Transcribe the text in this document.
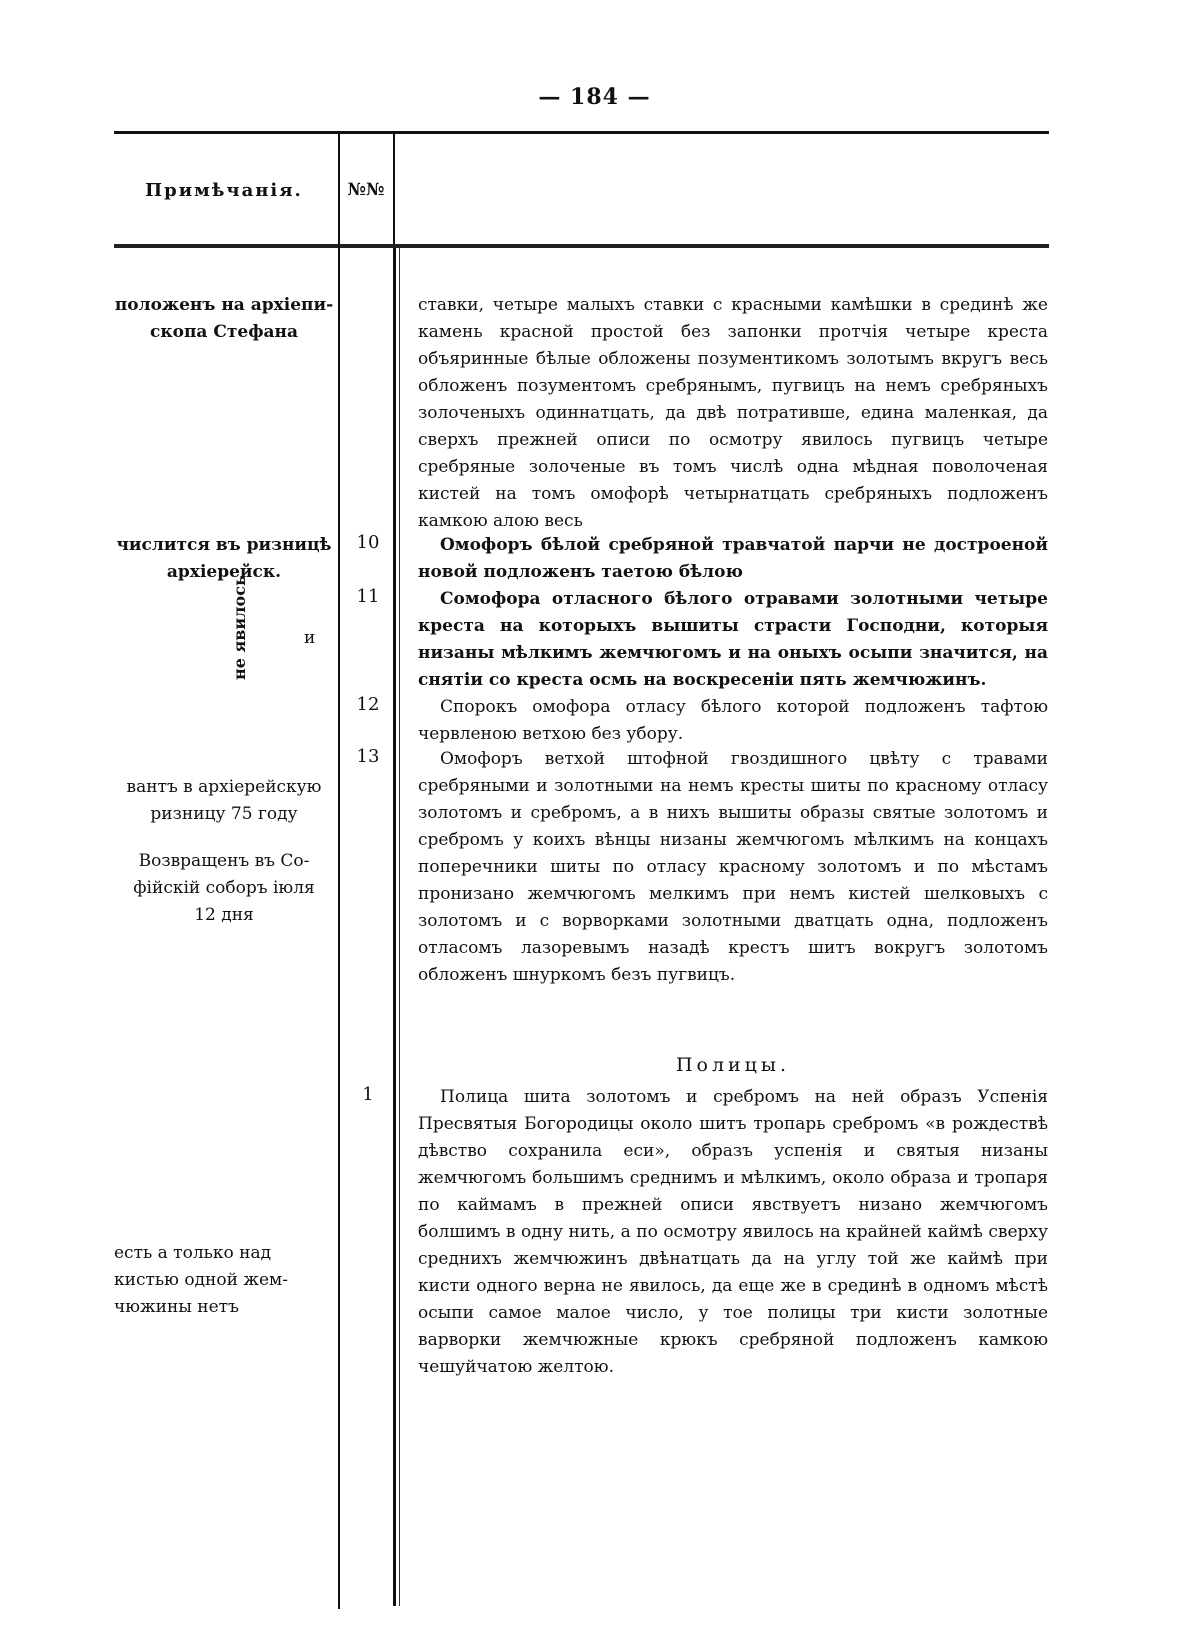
— 184 —
Примѣчанія.	№№
положенъ на архіепи-
скопа Стефана
числится въ ризницѣ
архіерейск.
и
не явилось
вантъ в архіерейскую
ризницу 75 году
Возвращенъ въ Со-
фійскій соборъ іюля
12 дня
есть а только над
кистью одной жем-
чюжины нетъ
10
11
12
13
1
ставки, четыре малыхъ ставки с красными камѣшки в срединѣ же камень красной простой без запонки протчія четыре креста объяринные бѣлые обложены позументикомъ золотымъ вкругъ весь обложенъ позументомъ сребрянымъ, пугвицъ на немъ сребряныхъ золоченыхъ одиннатцать, да двѣ потративше, едина маленкая, да сверхъ прежней описи по осмотру явилось пугвицъ четыре сребряные золоченые въ томъ числѣ одна мѣдная поволоченая кистей на томъ омофорѣ четырнатцать сребряныхъ подложенъ камкою алою весь
Омофоръ бѣлой сребряной травчатой парчи не достроеной новой подложенъ таетою бѣлою
Сомофора отласного бѣлого отравами золотными четыре креста на которыхъ вышиты страсти Господни, которыя низаны мѣлкимъ жемчюгомъ и на оныхъ осыпи значится, на снятіи со креста осмь на воскресеніи пять жемчюжинъ.
Спорокъ омофора отласу бѣлого которой подложенъ тафтою червленою ветхою без убору.
Омофоръ ветхой штофной гвоздишного цвѣту с травами сребряными и золотными на немъ кресты шиты по красному отласу золотомъ и сребромъ, а в нихъ вышиты образы святые золотомъ и сребромъ у коихъ вѣнцы низаны жемчюгомъ мѣлкимъ на концахъ поперечники шиты по отласу красному золотомъ и по мѣстамъ пронизано жемчюгомъ мелкимъ при немъ кистей шелковыхъ с золотомъ и с ворворками золотными дватцать одна, подложенъ отласомъ лазоревымъ назадѣ крестъ шитъ вокругъ золотомъ обложенъ шнуркомъ безъ пугвицъ.
Полицы.
Полица шита золотомъ и сребромъ на ней образъ Успенія Пресвятыя Богородицы около шитъ тропарь сребромъ «в рождествѣ дѣвство сохранила еси», образъ успенія и святыя низаны жемчюгомъ большимъ среднимъ и мѣлкимъ, около образа и тропаря по каймамъ в прежней описи явствуетъ низано жемчюгомъ болшимъ в одну нить, а по осмотру явилось на крайней каймѣ сверху среднихъ жемчюжинъ двѣнатцать да на углу той же каймѣ при кисти одного верна не явилось, да еще же в срединѣ в одномъ мѣстѣ осыпи самое малое число, у тое полицы три кисти золотные варворки жемчюжные крюкъ сребряной подложенъ камкою чешуйчатою желтою.
